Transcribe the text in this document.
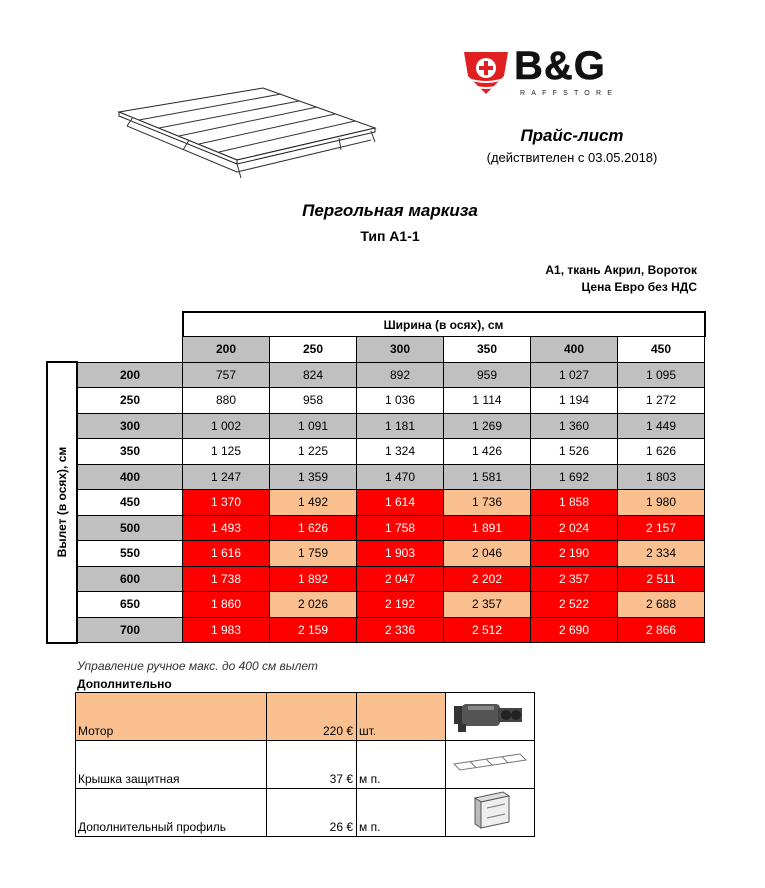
B&G
RAFFSTORE
Прайс-лист
(действителен с 03.05.2018)
Пергольная маркиза
Тип А1-1
А1, ткань Акрил, Вороток
Цена Евро без НДС
		Ширина (в осях), см					
		200	250	300	350	400	450

Вылет (в осях), см	200	757	824	892	959	1 027	1 095
	250	880	958	1 036	1 114	1 194	1 272
	300	1 002	1 091	1 181	1 269	1 360	1 449
	350	1 125	1 225	1 324	1 426	1 526	1 626
	400	1 247	1 359	1 470	1 581	1 692	1 803
	450	1 370	1 492	1 614	1 736	1 858	1 980
	500	1 493	1 626	1 758	1 891	2 024	2 157
	550	1 616	1 759	1 903	2 046	2 190	2 334
	600	1 738	1 892	2 047	2 202	2 357	2 511
	650	1 860	2 026	2 192	2 357	2 522	2 688
	700	1 983	2 159	2 336	2 512	2 690	2 866
Управление ручное макс. до 400 см вылет
Дополнительно
Мотор	220 €	шт.	
Крышка защитная	37 €	м п.	
Дополнительный профиль	26 €	м п.	
